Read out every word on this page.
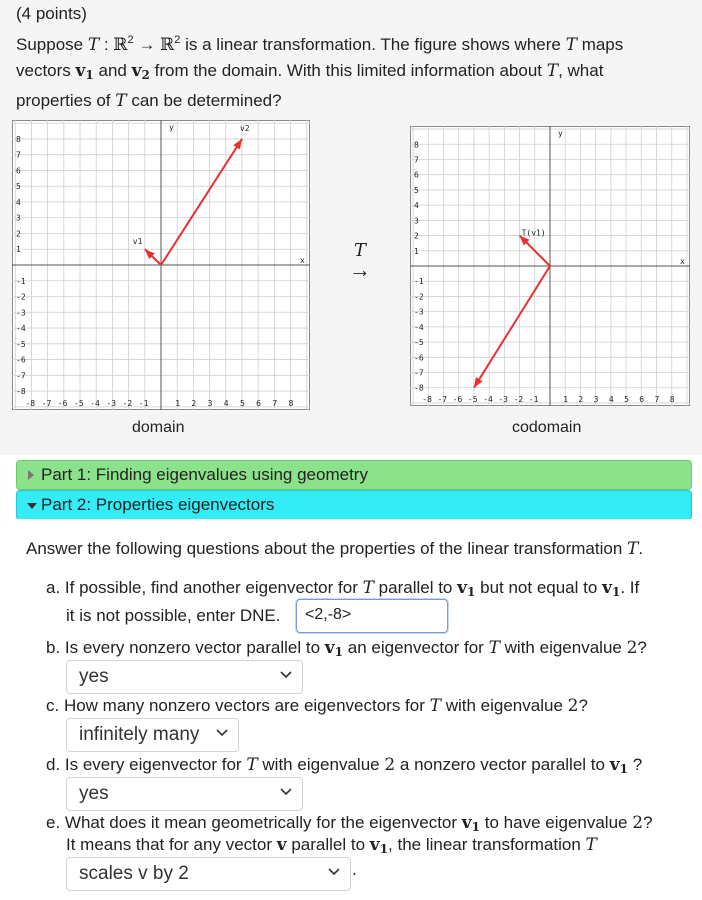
(4 points)
Suppose T : ℝ$^2$ → ℝ$^2$ is a linear transformation. The figure shows where T maps
vectors $v_1$ and $v_2$ from the domain. With this limited information about T, what
properties of T can be determined?
1
-1
1
-1
2
-2
2
-2
3
-3
3
-3
4
-4
4
-4
5
-5
5
-5
6
-6
6
-6
7
-7
7
-7
8
-8
8
-8
y
x
v1
v2
1
-1
1
-1
2
-2
2
-2
3
-3
3
-3
4
-4
4
-4
5
-5
5
-5
6
-6
6
-6
7
-7
7
-7
8
-8
8
-8
y
x
T(v1)
domain	codomain
T
→
Part 1: Finding eigenvalues using geometry
Part 2: Properties eigenvectors
Answer the following questions about the properties of the linear transformation T.
a. If possible, find another eigenvector for T parallel to $v_1$ but not equal to $v_1$. If
it is not possible, enter DNE.	<2,-8>
b. Is every nonzero vector parallel to $v_1$ an eigenvector for T with eigenvalue 2?
yes
c. How many nonzero vectors are eigenvectors for T with eigenvalue 2?
infinitely many
d. Is every eigenvector for T with eigenvalue 2 a nonzero vector parallel to $v_1$ ?
yes
e. What does it mean geometrically for the eigenvector $v_1$ to have eigenvalue 2?
It means that for any vector v parallel to $v_1$, the linear transformation T
scales v by 2	.
